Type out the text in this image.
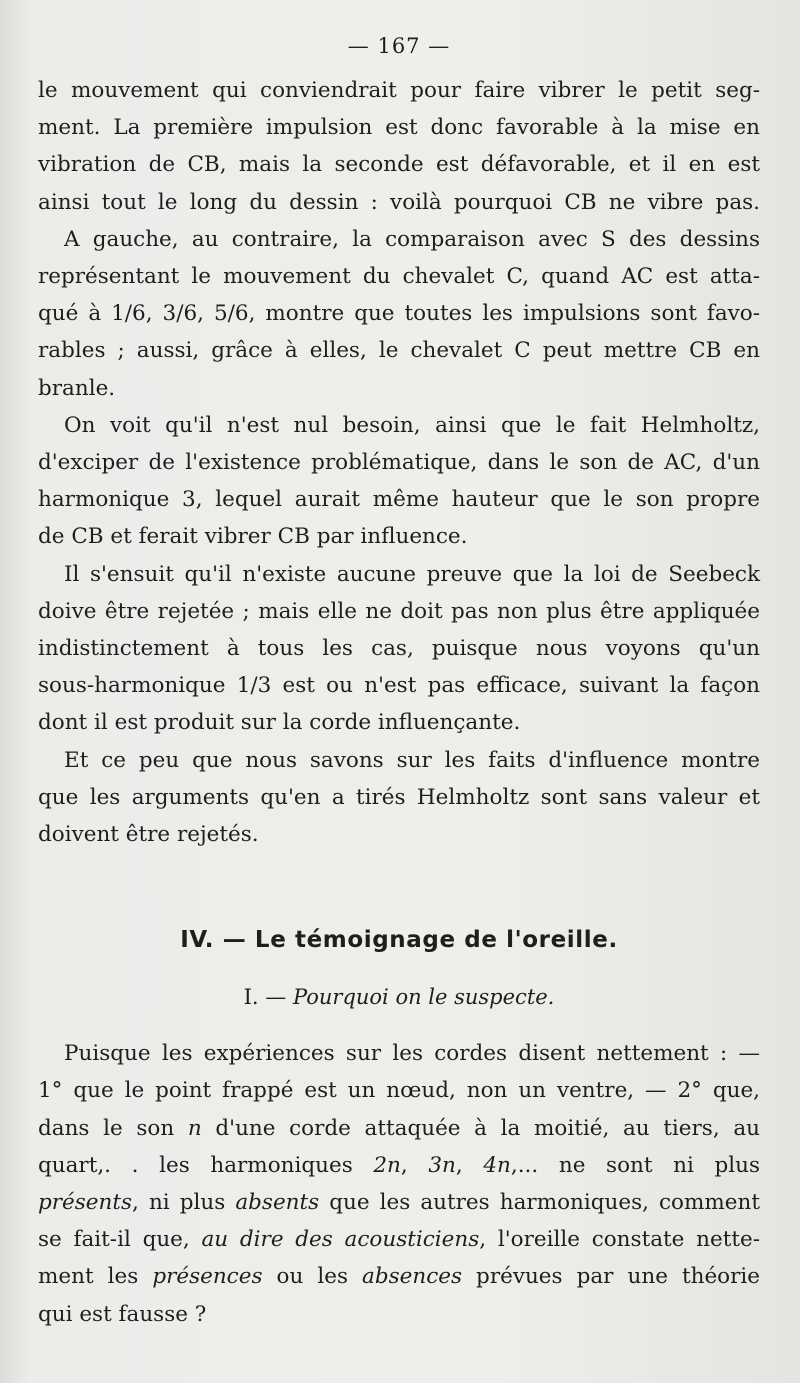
— 167 —

le mouvement qui conviendrait pour faire vibrer le petit seg-
ment. La première impulsion est donc favorable à la mise en
vibration de CB, mais la seconde est défavorable, et il en est
ainsi tout le long du dessin : voilà pourquoi CB ne vibre pas.

A gauche, au contraire, la comparaison avec S des dessins
représentant le mouvement du chevalet C, quand AC est atta-
qué à 1/6, 3/6, 5/6, montre que toutes les impulsions sont favo-
rables ; aussi, grâce à elles, le chevalet C peut mettre CB en
branle.

On voit qu'il n'est nul besoin, ainsi que le fait Helmholtz,
d'exciper de l'existence problématique, dans le son de AC, d'un
harmonique 3, lequel aurait même hauteur que le son propre
de CB et ferait vibrer CB par influence.

Il s'ensuit qu'il n'existe aucune preuve que la loi de Seebeck
doive être rejetée ; mais elle ne doit pas non plus être appliquée
indistinctement à tous les cas, puisque nous voyons qu'un
sous-harmonique 1/3 est ou n'est pas efficace, suivant la façon
dont il est produit sur la corde influençante.

Et ce peu que nous savons sur les faits d'influence montre
que les arguments qu'en a tirés Helmholtz sont sans valeur et
doivent être rejetés.

IV. — Le témoignage de l'oreille.
I. — Pourquoi on le suspecte.

Puisque les expériences sur les cordes disent nettement : —
1° que le point frappé est un nœud, non un ventre, — 2° que,
dans le son n d'une corde attaquée à la moitié, au tiers, au
quart,. . les harmoniques 2n, 3n, 4n,... ne sont ni plus
présents, ni plus absents que les autres harmoniques, comment
se fait-il que, au dire des acousticiens, l'oreille constate nette-
ment les présences ou les absences prévues par une théorie
qui est fausse ?
